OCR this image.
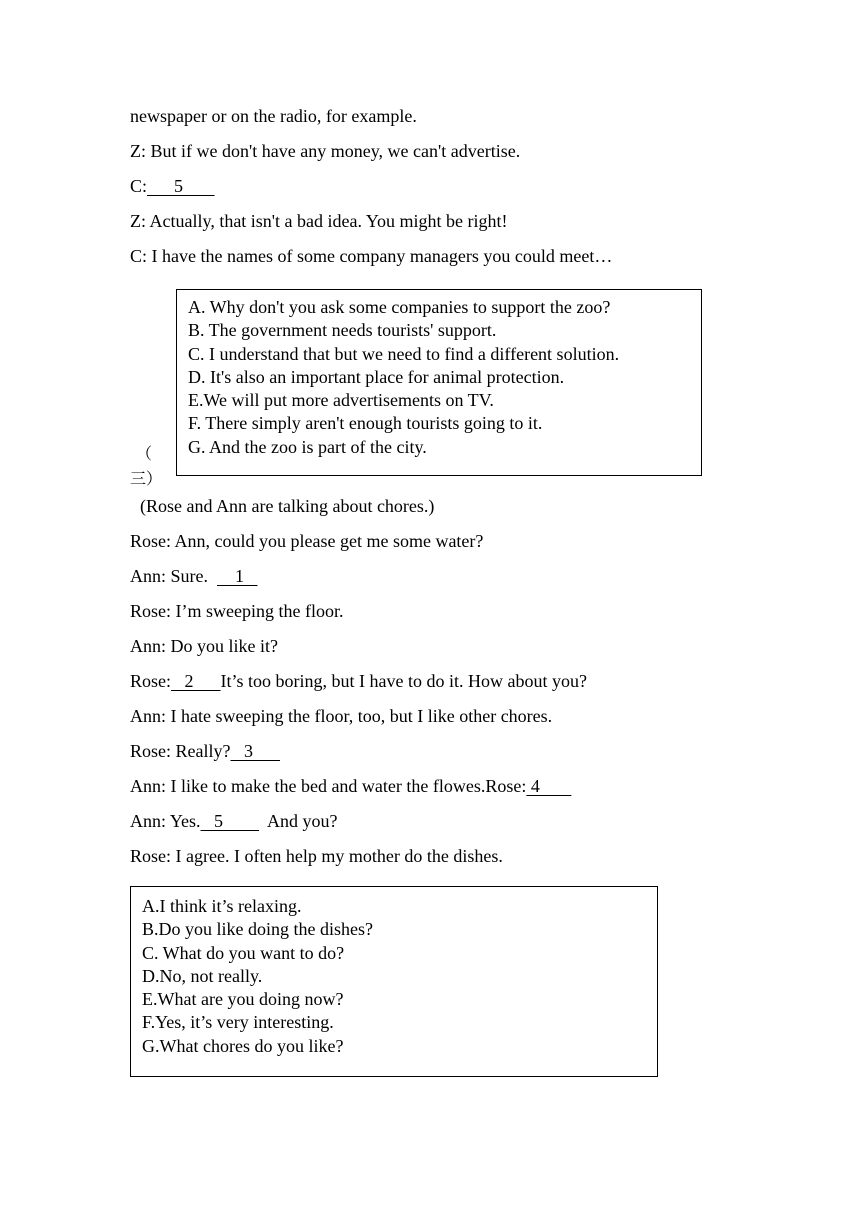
newspaper or on the radio, for example.
Z: But if we don't have any money, we can't advertise.
C:      5
Z: Actually, that isn't a bad idea. You might be right!
C: I have the names of some company managers you could meet…
A. Why don't you ask some companies to support the zoo?
B. The government needs tourists' support.
C. I understand that but we need to find a different solution.
D. It's also an important place for animal protection.
E.We will put more advertisements on TV.
F. There simply aren't enough tourists going to it.
G. And the zoo is part of the city.
（
三）
(Rose and Ann are talking about chores.)
Rose: Ann, could you please get me some water?
Ann: Sure.      1
Rose: I’m sweeping the floor.
Ann: Do you like it?
Rose:   2      It’s too boring, but I have to do it. How about you?
Ann: I hate sweeping the floor, too, but I like other chores.
Rose: Really?   3
Ann: I like to make the bed and water the flowes.Rose: 4
Ann: Yes.   5          And you?
Rose: I agree. I often help my mother do the dishes.
A.I think it’s relaxing.
B.Do you like doing the dishes?
C. What do you want to do?
D.No, not really.
E.What are you doing now?
F.Yes, it’s very interesting.
G.What chores do you like?
